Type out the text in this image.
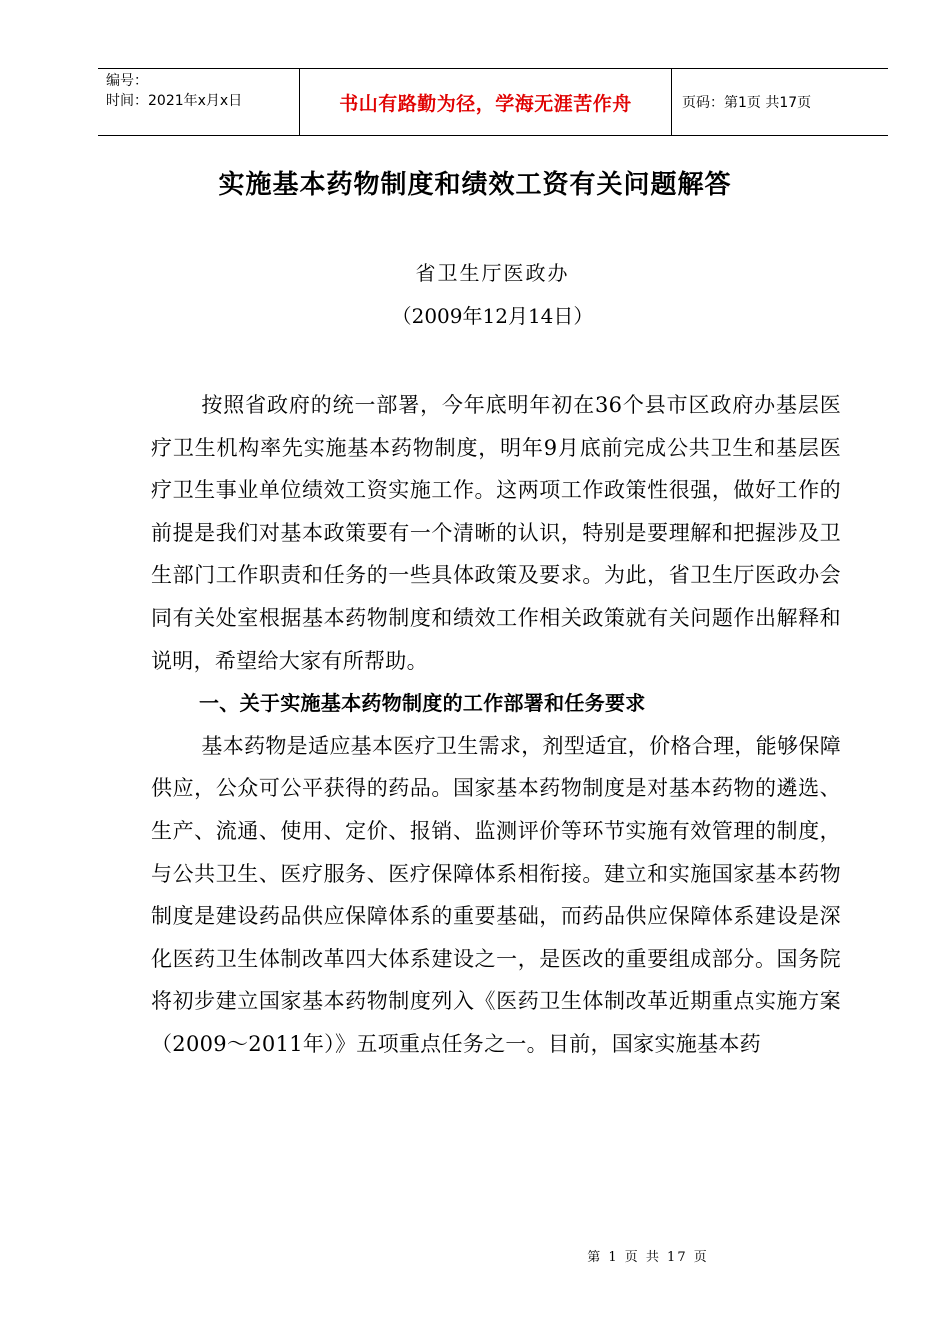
编号：
时间：2021年x月x日	书山有路勤为径，学海无涯苦作舟	页码：第1页 共17页
实施基本药物制度和绩效工资有关问题解答
省卫生厅医政办
（2009年12月14日）

按照省政府的统一部署，今年底明年初在36个县市区政府办基层医疗卫生机构率先实施基本药物制度，明年9月底前完成公共卫生和基层医疗卫生事业单位绩效工资实施工作。这两项工作政策性很强，做好工作的前提是我们对基本政策要有一个清晰的认识，特别是要理解和把握涉及卫生部门工作职责和任务的一些具体政策及要求。为此，省卫生厅医政办会同有关处室根据基本药物制度和绩效工作相关政策就有关问题作出解释和说明，希望给大家有所帮助。

一、关于实施基本药物制度的工作部署和任务要求

基本药物是适应基本医疗卫生需求，剂型适宜，价格合理，能够保障供应，公众可公平获得的药品。国家基本药物制度是对基本药物的遴选、生产、流通、使用、定价、报销、监测评价等环节实施有效管理的制度，与公共卫生、医疗服务、医疗保障体系相衔接。建立和实施国家基本药物制度是建设药品供应保障体系的重要基础，而药品供应保障体系建设是深化医药卫生体制改革四大体系建设之一，是医改的重要组成部分。国务院将初步建立国家基本药物制度列入《医药卫生体制改革近期重点实施方案（2009～2011年）》五项重点任务之一。目前，国家实施基本药

第 1 页 共 17 页
